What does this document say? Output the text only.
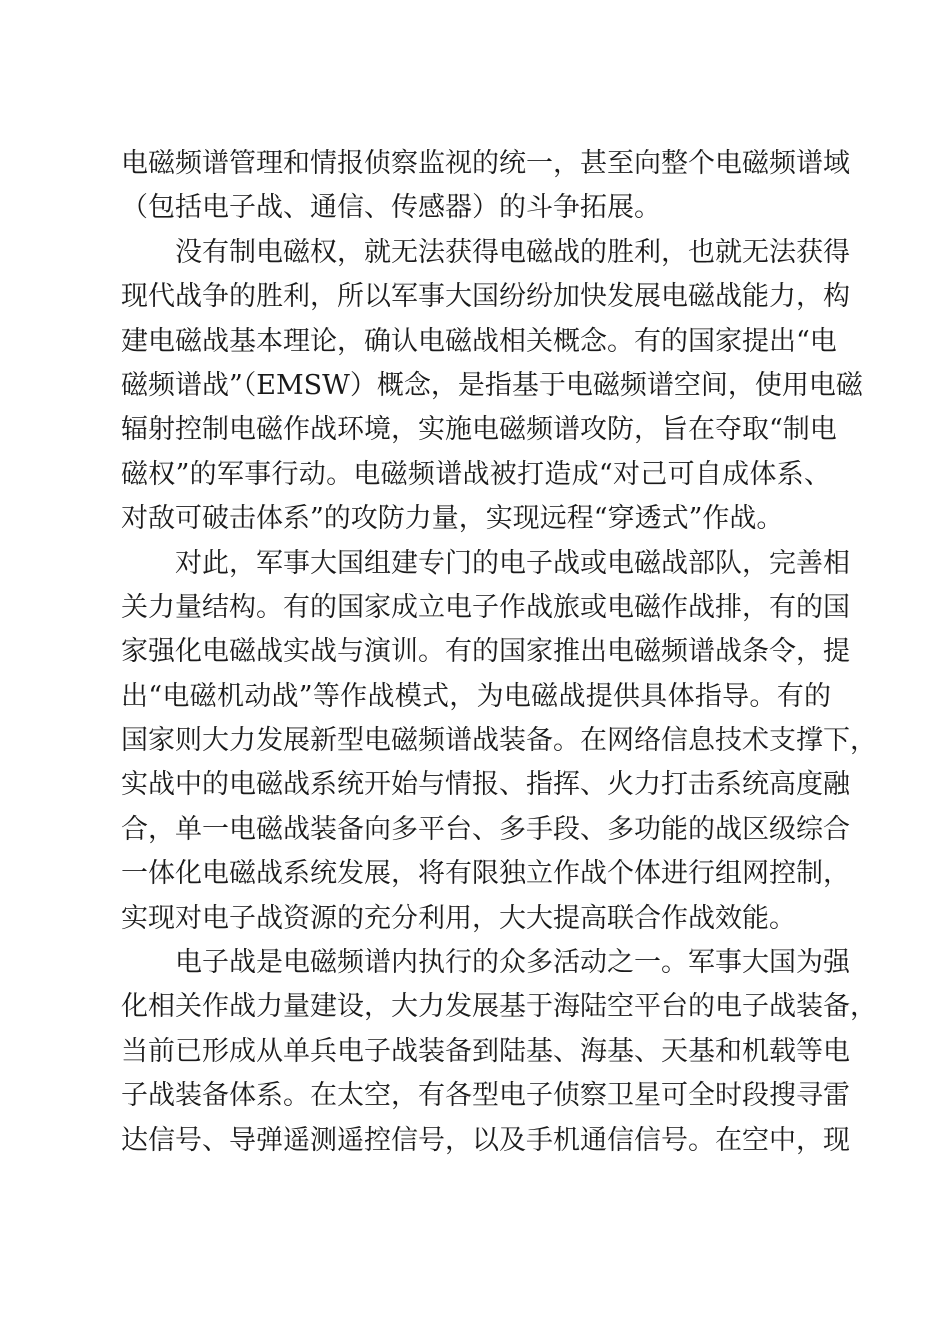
电磁频谱管理和情报侦察监视的统一，甚至向整个电磁频谱域
（包括电子战、通信、传感器）的斗争拓展。
没有制电磁权，就无法获得电磁战的胜利，也就无法获得
现代战争的胜利，所以军事大国纷纷加快发展电磁战能力，构
建电磁战基本理论，确认电磁战相关概念。有的国家提出“电
磁频谱战”（EMSW）概念，是指基于电磁频谱空间，使用电磁
辐射控制电磁作战环境，实施电磁频谱攻防，旨在夺取“制电
磁权”的军事行动。电磁频谱战被打造成“对己可自成体系、
对敌可破击体系”的攻防力量，实现远程“穿透式”作战。
对此，军事大国组建专门的电子战或电磁战部队，完善相
关力量结构。有的国家成立电子作战旅或电磁作战排，有的国
家强化电磁战实战与演训。有的国家推出电磁频谱战条令，提
出“电磁机动战”等作战模式，为电磁战提供具体指导。有的
国家则大力发展新型电磁频谱战装备。在网络信息技术支撑下，
实战中的电磁战系统开始与情报、指挥、火力打击系统高度融
合，单一电磁战装备向多平台、多手段、多功能的战区级综合
一体化电磁战系统发展，将有限独立作战个体进行组网控制，
实现对电子战资源的充分利用，大大提高联合作战效能。
电子战是电磁频谱内执行的众多活动之一。军事大国为强
化相关作战力量建设，大力发展基于海陆空平台的电子战装备，
当前已形成从单兵电子战装备到陆基、海基、天基和机载等电
子战装备体系。在太空，有各型电子侦察卫星可全时段搜寻雷
达信号、导弹遥测遥控信号，以及手机通信信号。在空中，现
